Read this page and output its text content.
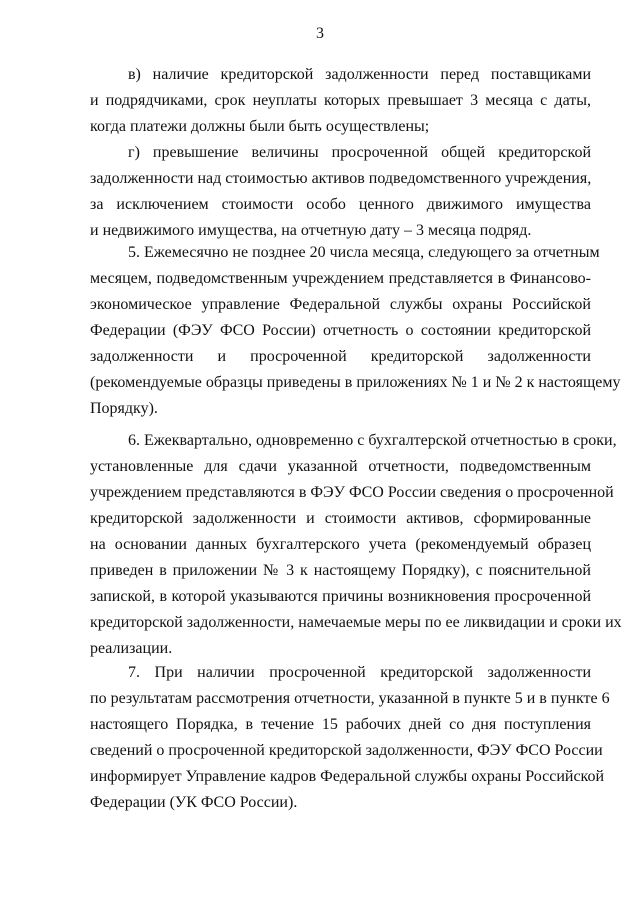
3
в) наличие кредиторской задолженности перед поставщиками
и подрядчиками, срок неуплаты которых превышает 3 месяца с даты,
когда платежи должны были быть осуществлены;
г) превышение величины просроченной общей кредиторской
задолженности над стоимостью активов подведомственного учреждения,
за исключением стоимости особо ценного движимого имущества
и недвижимого имущества, на отчетную дату – 3 месяца подряд.
5. Ежемесячно не позднее 20 числа месяца, следующего за отчетным
месяцем, подведомственным учреждением представляется в Финансово-
экономическое управление Федеральной службы охраны Российской
Федерации (ФЭУ ФСО России) отчетность о состоянии кредиторской
задолженности и просроченной кредиторской задолженности
(рекомендуемые образцы приведены в приложениях № 1 и № 2 к настоящему
Порядку).
6. Ежеквартально, одновременно с бухгалтерской отчетностью в сроки,
установленные для сдачи указанной отчетности, подведомственным
учреждением представляются в ФЭУ ФСО России сведения о просроченной
кредиторской задолженности и стоимости активов, сформированные
на основании данных бухгалтерского учета (рекомендуемый образец
приведен в приложении № 3 к настоящему Порядку), с пояснительной
запиской, в которой указываются причины возникновения просроченной
кредиторской задолженности, намечаемые меры по ее ликвидации и сроки их
реализации.
7. При наличии просроченной кредиторской задолженности
по результатам рассмотрения отчетности, указанной в пункте 5 и в пункте 6
настоящего Порядка, в течение 15 рабочих дней со дня поступления
сведений о просроченной кредиторской задолженности, ФЭУ ФСО России
информирует Управление кадров Федеральной службы охраны Российской
Федерации (УК ФСО России).
